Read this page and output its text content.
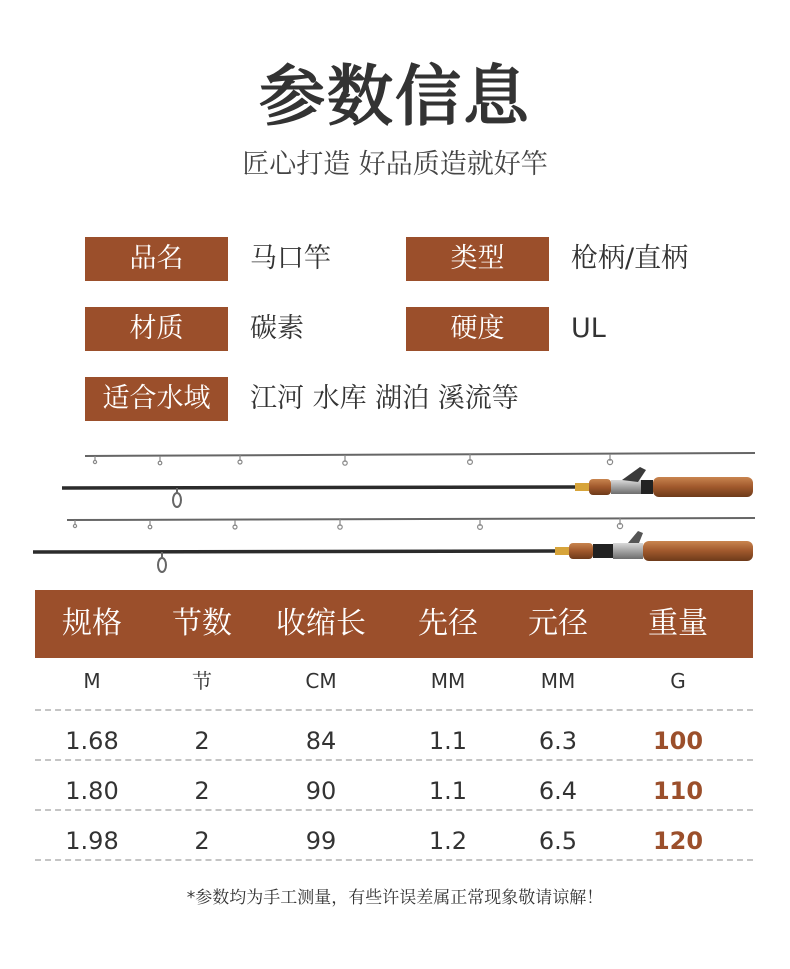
参数信息
匠心打造 好品质造就好竿
品名	马口竿	类型	枪柄/直柄
材质	碳素	硬度	UL
适合水域	江河 水库 湖泊 溪流等
规格	节数	收缩长	先径	元径	重量
M	节	CM	MM	MM	G
1.68	2	84	1.1	6.3	100
1.80	2	90	1.1	6.4	110
1.98	2	99	1.2	6.5	120
*参数均为手工测量，有些许误差属正常现象敬请谅解！
